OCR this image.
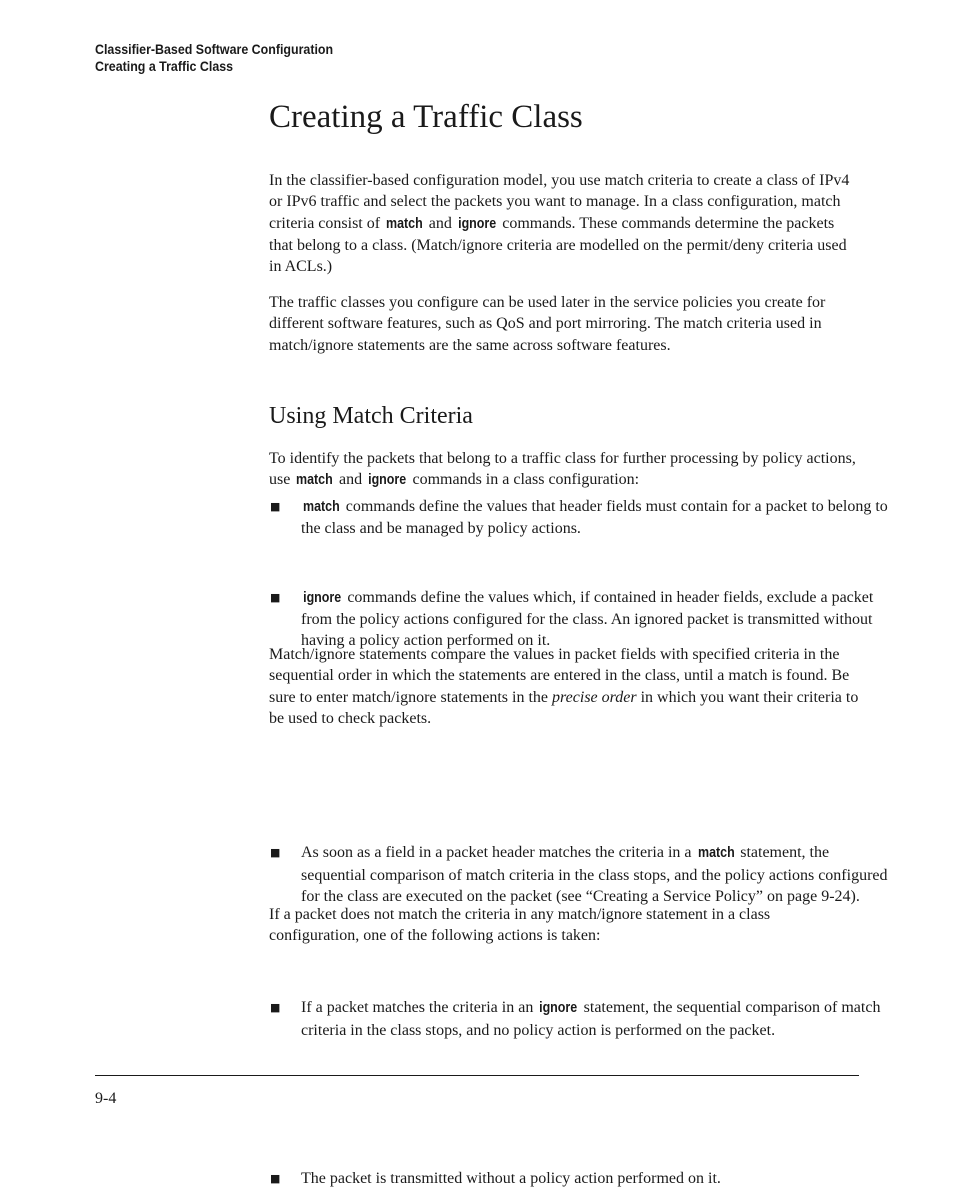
Classifier-Based Software Configuration
Creating a Traffic Class
Creating a Traffic Class

In the classifier-based configuration model, you use match criteria to create a class of IPv4 or IPv6 traffic and select the packets you want to manage. In a class configuration, match criteria consist of match and ignore commands. These commands determine the packets that belong to a class. (Match/ignore criteria are modelled on the permit/deny criteria used in ACLs.)

The traffic classes you configure can be used later in the service policies you create for different software features, such as QoS and port mirroring. The match criteria used in match/ignore statements are the same across software features.

Using Match Criteria

To identify the packets that belong to a traffic class for further processing by policy actions, use match and ignore commands in a class configuration:

■ match commands define the values that header fields must contain for a packet to belong to the class and be managed by policy actions.

■ ignore commands define the values which, if contained in header fields, exclude a packet from the policy actions configured for the class. An ignored packet is transmitted without having a policy action performed on it.

Match/ignore statements compare the values in packet fields with specified criteria in the sequential order in which the statements are entered in the class, until a match is found. Be sure to enter match/ignore statements in the precise order in which you want their criteria to be used to check packets.

■ As soon as a field in a packet header matches the criteria in a match statement, the sequential comparison of match criteria in the class stops, and the policy actions configured for the class are executed on the packet (see “Creating a Service Policy” on page 9-24).

■ If a packet matches the criteria in an ignore statement, the sequential comparison of match criteria in the class stops, and no policy action is performed on the packet.

If a packet does not match the criteria in any match/ignore statement in a class configuration, one of the following actions is taken:

■ The packet is transmitted without a policy action performed on it.

9-4
